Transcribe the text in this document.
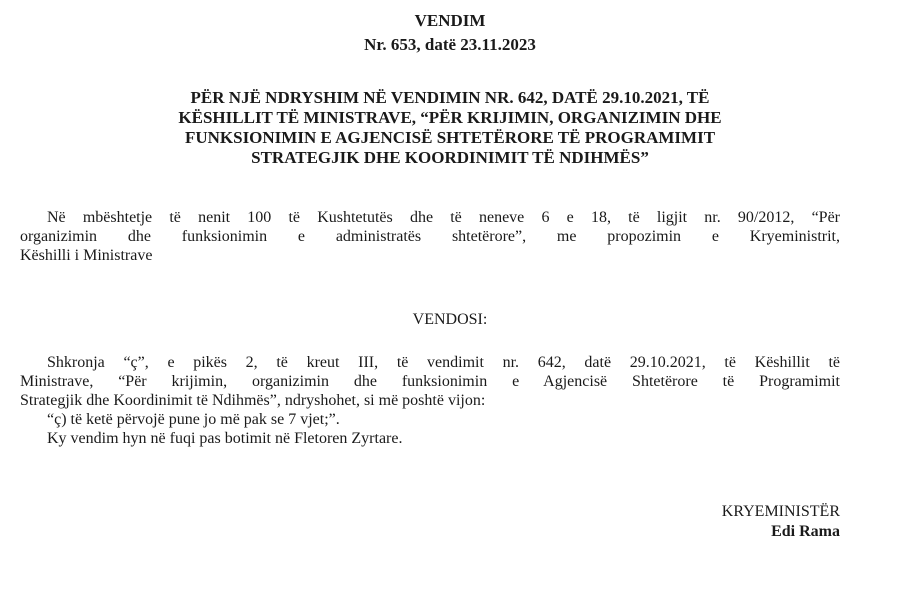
VENDIM
Nr. 653, datë 23.11.2023
PËR NJË NDRYSHIM NË VENDIMIN NR. 642, DATË 29.10.2021, TË
KËSHILLIT TË MINISTRAVE, “PËR KRIJIMIN, ORGANIZIMIN DHE
FUNKSIONIMIN E AGJENCISË SHTETËRORE TË PROGRAMIMIT
STRATEGJIK DHE KOORDINIMIT TË NDIHMËS”
Në mbështetje të nenit 100 të Kushtetutës dhe të neneve 6 e 18, të ligjit nr. 90/2012, “Për
organizimin dhe funksionimin e administratës shtetërore”, me propozimin e Kryeministrit,
Këshilli i Ministrave
VENDOSI:
Shkronja “ç”, e pikës 2, të kreut III, të vendimit nr. 642, datë 29.10.2021, të Këshillit të
Ministrave, “Për krijimin, organizimin dhe funksionimin e Agjencisë Shtetërore të Programimit
Strategjik dhe Koordinimit të Ndihmës”, ndryshohet, si më poshtë vijon:
“ç) të ketë përvojë pune jo më pak se 7 vjet;”.
Ky vendim hyn në fuqi pas botimit në Fletoren Zyrtare.
KRYEMINISTËR
Edi Rama
